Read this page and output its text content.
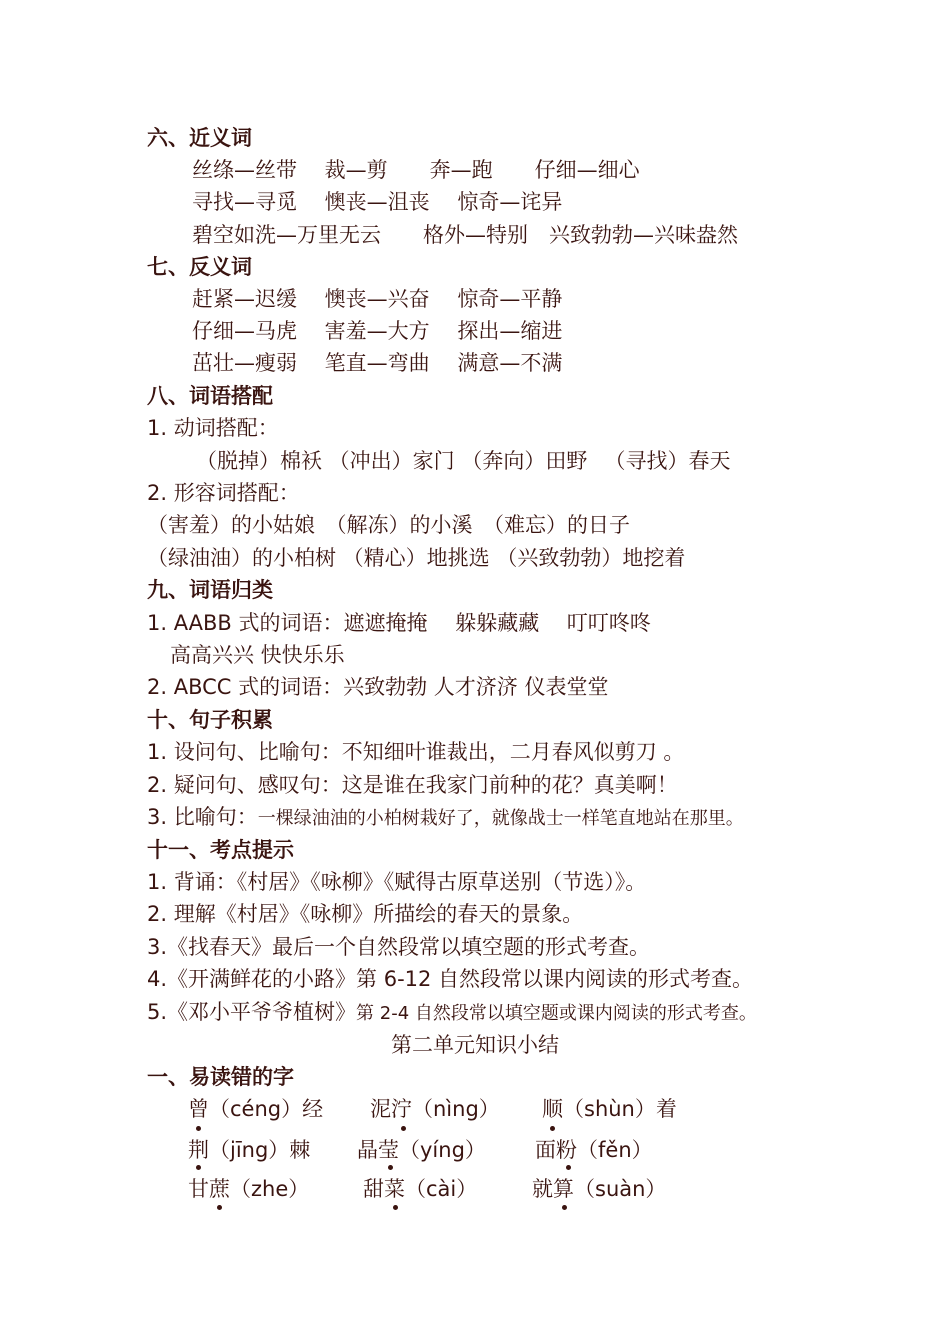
六、近义词
丝绦—丝带　 裁—剪　　奔—跑　　仔细—细心
寻找—寻觅　 懊丧—沮丧　 惊奇—诧异
碧空如洗—万里无云　　格外—特别　兴致勃勃—兴味盎然
七、反义词
赶紧—迟缓　 懊丧—兴奋　 惊奇—平静
仔细—马虎　 害羞—大方　 探出—缩进
茁壮—瘦弱　 笔直—弯曲　 满意—不满
八、词语搭配
1. 动词搭配：
（脱掉）棉袄 （冲出）家门 （奔向）田野 　（寻找）春天
2. 形容词搭配：
（害羞）的小姑娘　（解冻）的小溪　（难忘）的日子
（绿油油）的小柏树 （精心）地挑选 （兴致勃勃）地挖着
九、词语归类
1. AABB 式的词语：遮遮掩掩　 躲躲藏藏　 叮叮咚咚
高高兴兴 快快乐乐
2. ABCC 式的词语：兴致勃勃 人才济济 仪表堂堂
十、句子积累
1. 设问句、比喻句：不知细叶谁裁出，二月春风似剪刀 。
2. 疑问句、感叹句：这是谁在我家门前种的花？真美啊！
3. 比喻句：一棵绿油油的小柏树栽好了，就像战士一样笔直地站在那里。
十一、考点提示
1. 背诵：《村居》《咏柳》《赋得古原草送别（节选）》。
2. 理解《村居》《咏柳》所描绘的春天的景象。
3.《找春天》最后一个自然段常以填空题的形式考查。
4.《开满鲜花的小路》第 6-12 自然段常以课内阅读的形式考查。
5.《邓小平爷爷植树》第 2-4 自然段常以填空题或课内阅读的形式考查。
第二单元知识小结
一、易读错的字
曾（céng）经 泥泞（nìng） 顺（shùn）着
荆（jīng）棘 晶莹（yíng） 面粉（fěn）
甘蔗（zhe）	甜菜（cài）	就算（suàn）
